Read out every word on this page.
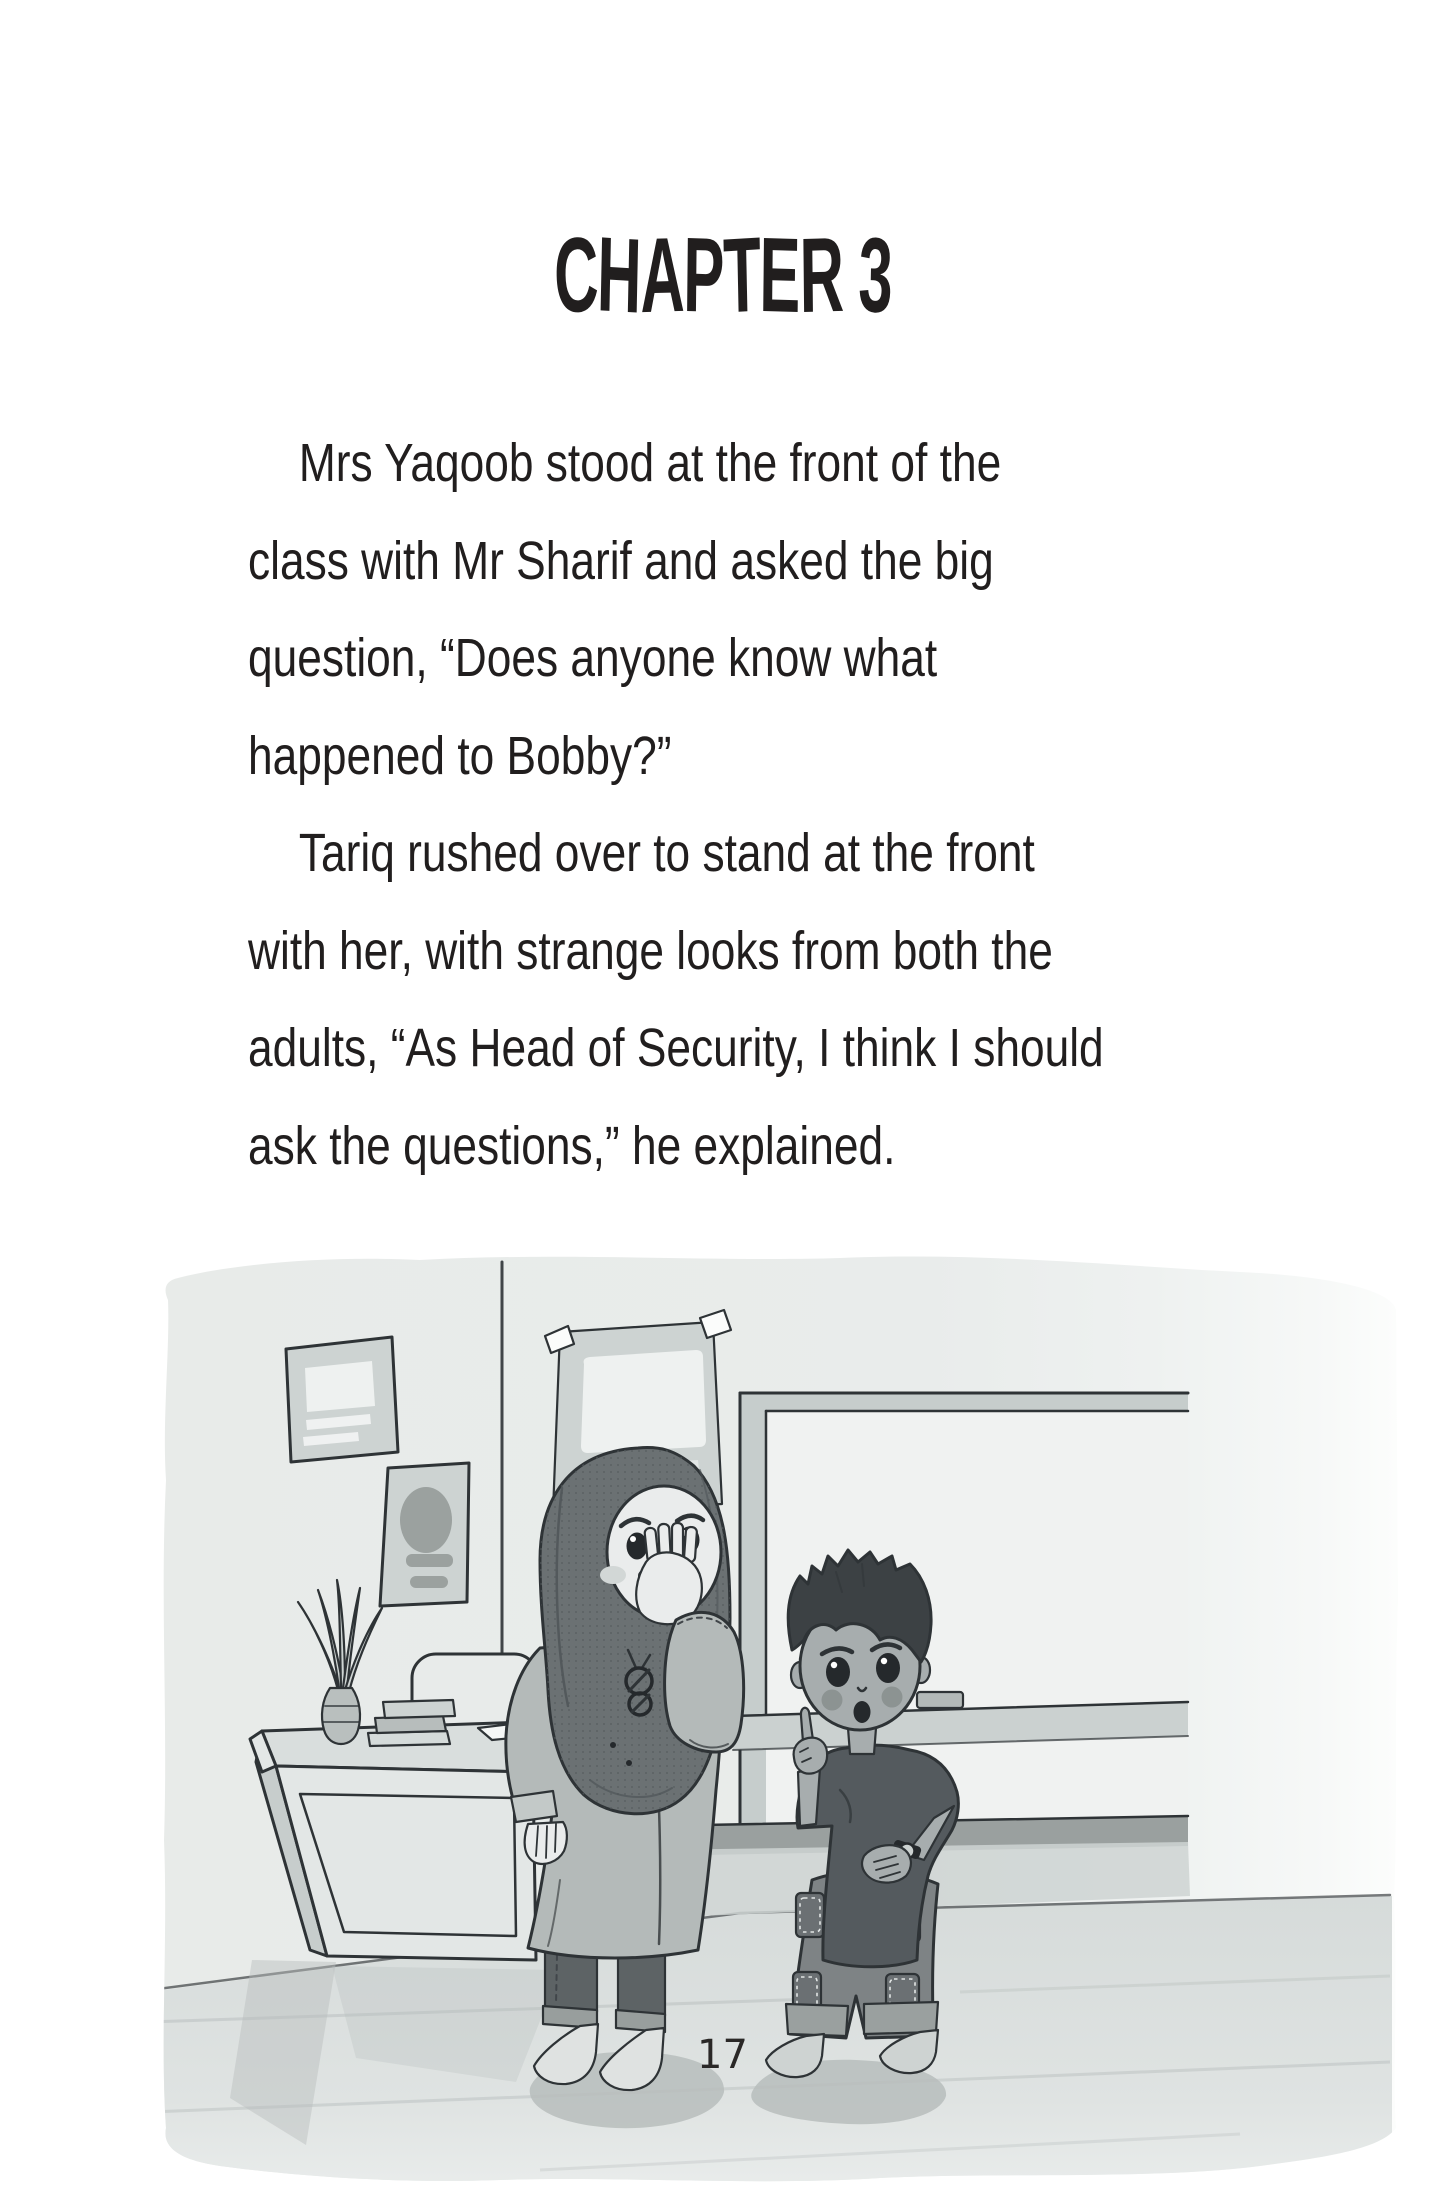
CHAPTER 3
Mrs Yaqoob stood at the front of the
class with Mr Sharif and asked the big
question, “Does anyone know what
happened to Bobby?”
Tariq rushed over to stand at the front
with her, with strange looks from both the
adults, “As Head of Security, I think I should
ask the questions,” he explained.
17
